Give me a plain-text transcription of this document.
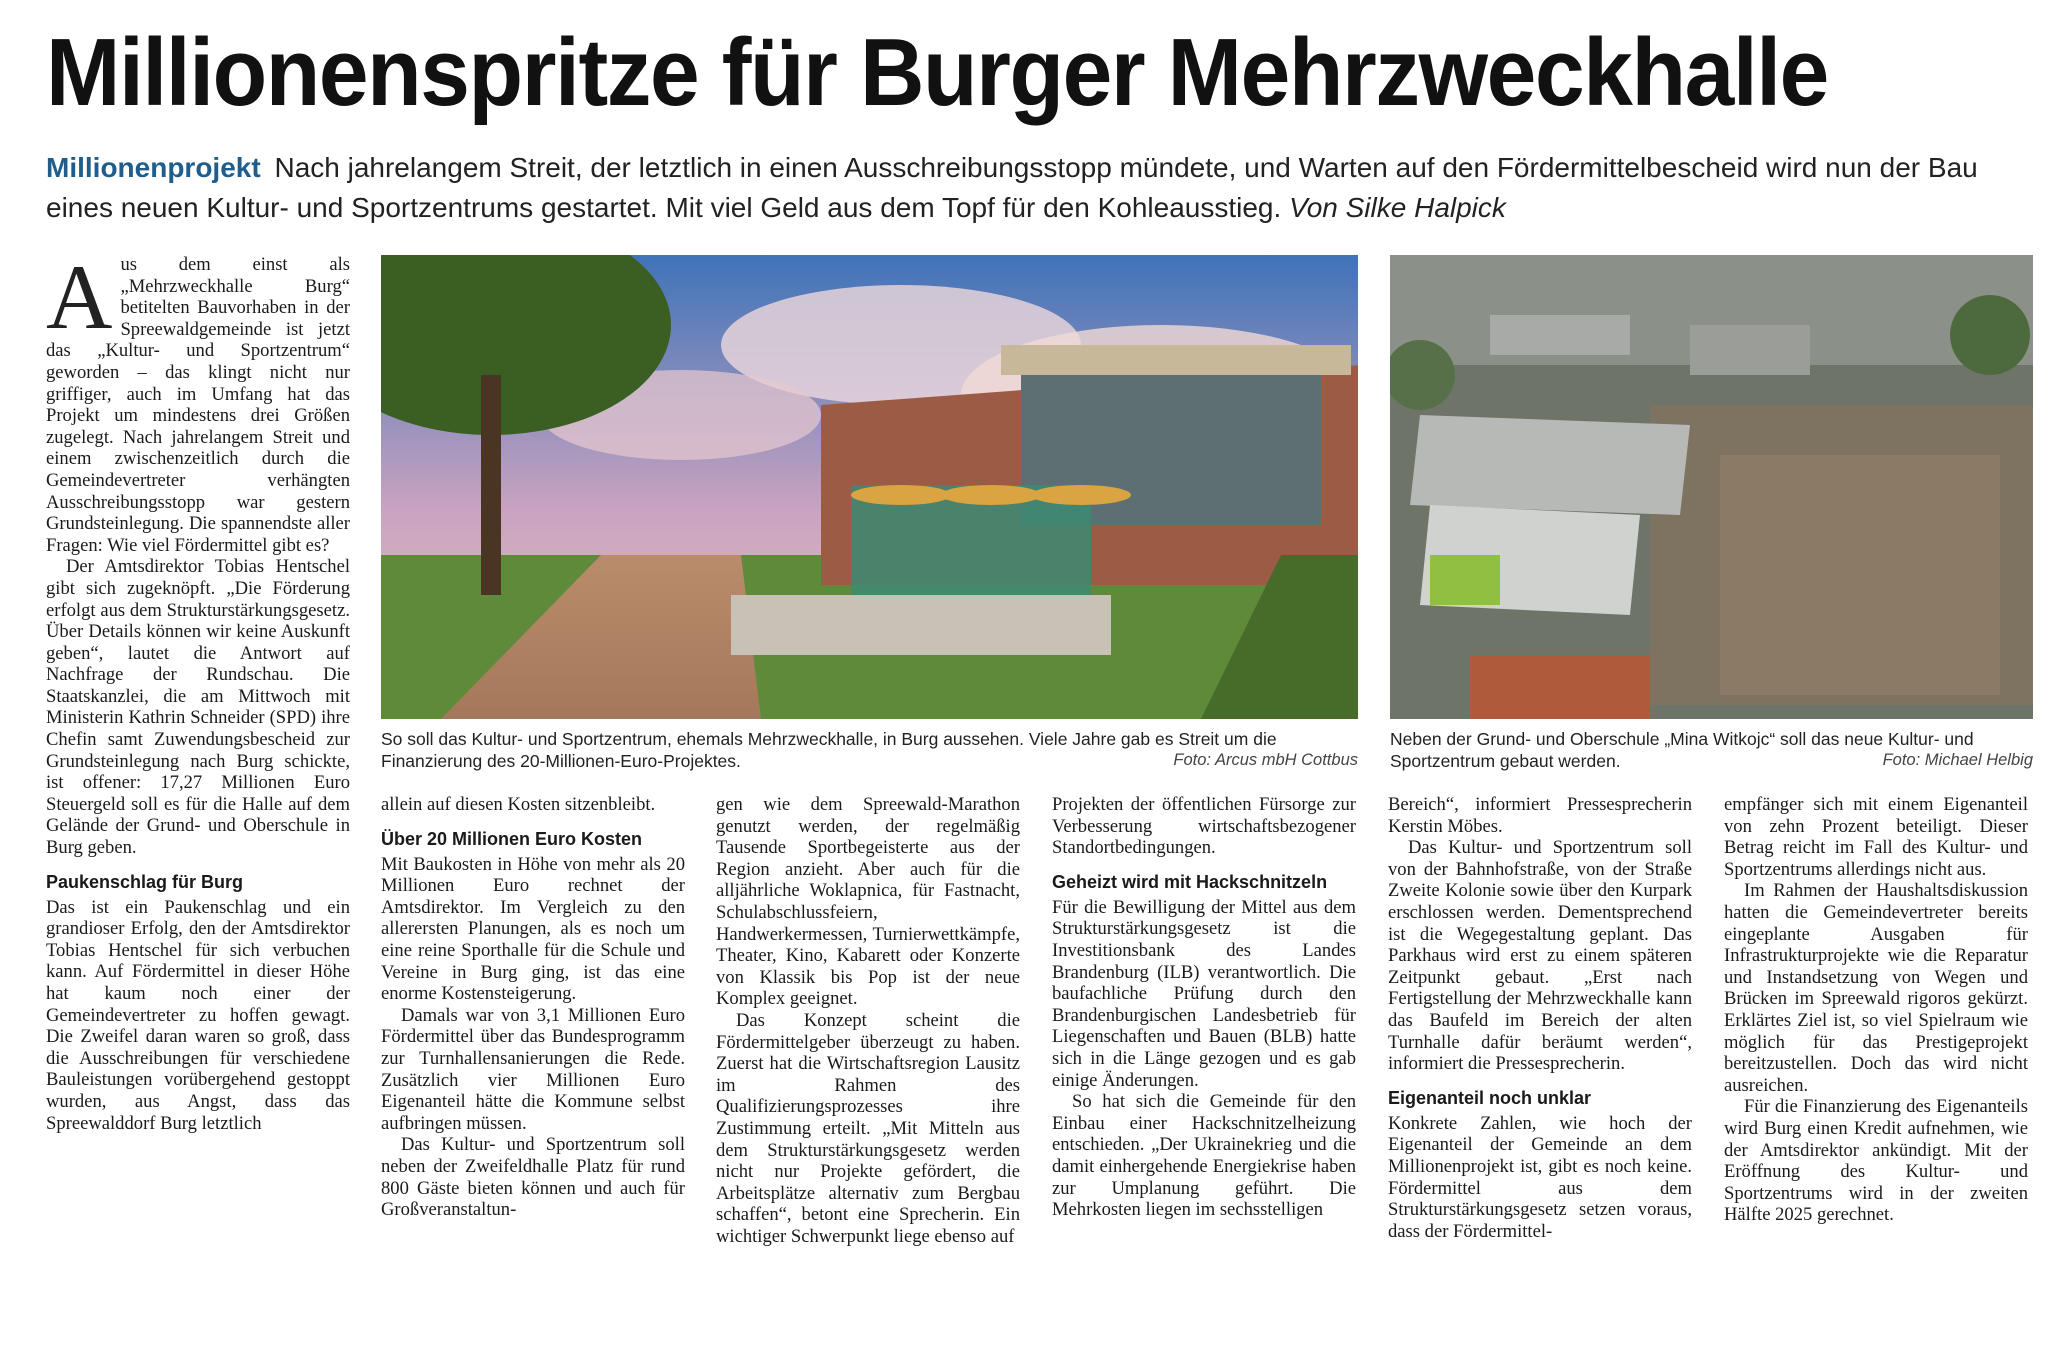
Millionenspritze für Burger Mehrzweckhalle
Millionenprojekt Nach jahrelangem Streit, der letztlich in einen Ausschreibungsstopp mündete, und Warten auf den Fördermittelbescheid wird nun der Bau eines neuen Kultur- und Sportzentrums gestartet. Mit viel Geld aus dem Topf für den Kohleausstieg. Von Silke Halpick

Aus dem einst als „Mehrzweckhalle Burg“ betitelten Bauvorhaben in der Spreewaldgemeinde ist jetzt das „Kultur- und Sportzentrum“ geworden – das klingt nicht nur griffiger, auch im Umfang hat das Projekt um mindestens drei Größen zugelegt. Nach jahrelangem Streit und einem zwischenzeitlich durch die Gemeindevertreter verhängten Ausschreibungsstopp war gestern Grundsteinlegung. Die spannendste aller Fragen: Wie viel Fördermittel gibt es?

Der Amtsdirektor Tobias Hentschel gibt sich zugeknöpft. „Die Förderung erfolgt aus dem Strukturstärkungsgesetz. Über Details können wir keine Auskunft geben“, lautet die Antwort auf Nachfrage der Rundschau. Die Staatskanzlei, die am Mittwoch mit Ministerin Kathrin Schneider (SPD) ihre Chefin samt Zuwendungsbescheid zur Grundsteinlegung nach Burg schickte, ist offener: 17,27 Millionen Euro Steuergeld soll es für die Halle auf dem Gelände der Grund- und Oberschule in Burg geben.

Paukenschlag für Burg

Das ist ein Paukenschlag und ein grandioser Erfolg, den der Amtsdirektor Tobias Hentschel für sich verbuchen kann. Auf Fördermittel in dieser Höhe hat kaum noch einer der Gemeindevertreter zu hoffen gewagt. Die Zweifel daran waren so groß, dass die Ausschreibungen für verschiedene Bauleistungen vorübergehend gestoppt wurden, aus Angst, dass das Spreewalddorf Burg letztlich

So soll das Kultur- und Sportzentrum, ehemals Mehrzweckhalle, in Burg aussehen. Viele Jahre gab es Streit um die Finanzierung des 20-Millionen-Euro-Projektes.	Foto: Arcus mbH Cottbus
Neben der Grund- und Oberschule „Mina Witkojc“ soll das neue Kultur- und Sportzentrum gebaut werden.	Foto: Michael Helbig

allein auf diesen Kosten sitzenbleibt.

Über 20 Millionen Euro Kosten

Mit Baukosten in Höhe von mehr als 20 Millionen Euro rechnet der Amtsdirektor. Im Vergleich zu den allerersten Planungen, als es noch um eine reine Sporthalle für die Schule und Vereine in Burg ging, ist das eine enorme Kostensteigerung.

Damals war von 3,1 Millionen Euro Fördermittel über das Bundesprogramm zur Turnhallensanierungen die Rede. Zusätzlich vier Millionen Euro Eigenanteil hätte die Kommune selbst aufbringen müssen.

Das Kultur- und Sportzentrum soll neben der Zweifeldhalle Platz für rund 800 Gäste bieten können und auch für Großveranstaltun-

gen wie dem Spreewald-Marathon genutzt werden, der regelmäßig Tausende Sportbegeisterte aus der Region anzieht. Aber auch für die alljährliche Woklapnica, für Fastnacht, Schulabschlussfeiern, Handwerkermessen, Turnierwettkämpfe, Theater, Kino, Kabarett oder Konzerte von Klassik bis Pop ist der neue Komplex geeignet.

Das Konzept scheint die Fördermittelgeber überzeugt zu haben. Zuerst hat die Wirtschaftsregion Lausitz im Rahmen des Qualifizierungsprozesses ihre Zustimmung erteilt. „Mit Mitteln aus dem Strukturstärkungsgesetz werden nicht nur Projekte gefördert, die Arbeitsplätze alternativ zum Bergbau schaffen“, betont eine Sprecherin. Ein wichtiger Schwerpunkt liege ebenso auf

Projekten der öffentlichen Fürsorge zur Verbesserung wirtschaftsbezogener Standortbedingungen.

Geheizt wird mit Hackschnitzeln

Für die Bewilligung der Mittel aus dem Strukturstärkungsgesetz ist die Investitionsbank des Landes Brandenburg (ILB) verantwortlich. Die baufachliche Prüfung durch den Brandenburgischen Landesbetrieb für Liegenschaften und Bauen (BLB) hatte sich in die Länge gezogen und es gab einige Änderungen.

So hat sich die Gemeinde für den Einbau einer Hackschnitzelheizung entschieden. „Der Ukrainekrieg und die damit einhergehende Energiekrise haben zur Umplanung geführt. Die Mehrkosten liegen im sechsstelligen

Bereich“, informiert Pressesprecherin Kerstin Möbes.

Das Kultur- und Sportzentrum soll von der Bahnhofstraße, von der Straße Zweite Kolonie sowie über den Kurpark erschlossen werden. Dementsprechend ist die Wegegestaltung geplant. Das Parkhaus wird erst zu einem späteren Zeitpunkt gebaut. „Erst nach Fertigstellung der Mehrzweckhalle kann das Baufeld im Bereich der alten Turnhalle dafür beräumt werden“, informiert die Pressesprecherin.

Eigenanteil noch unklar

Konkrete Zahlen, wie hoch der Eigenanteil der Gemeinde an dem Millionenprojekt ist, gibt es noch keine. Fördermittel aus dem Strukturstärkungsgesetz setzen voraus, dass der Fördermittel-

empfänger sich mit einem Eigenanteil von zehn Prozent beteiligt. Dieser Betrag reicht im Fall des Kultur- und Sportzentrums allerdings nicht aus.

Im Rahmen der Haushaltsdiskussion hatten die Gemeindevertreter bereits eingeplante Ausgaben für Infrastrukturprojekte wie die Reparatur und Instandsetzung von Wegen und Brücken im Spreewald rigoros gekürzt. Erklärtes Ziel ist, so viel Spielraum wie möglich für das Prestigeprojekt bereitzustellen. Doch das wird nicht ausreichen.

Für die Finanzierung des Eigenanteils wird Burg einen Kredit aufnehmen, wie der Amtsdirektor ankündigt. Mit der Eröffnung des Kultur- und Sportzentrums wird in der zweiten Hälfte 2025 gerechnet.
